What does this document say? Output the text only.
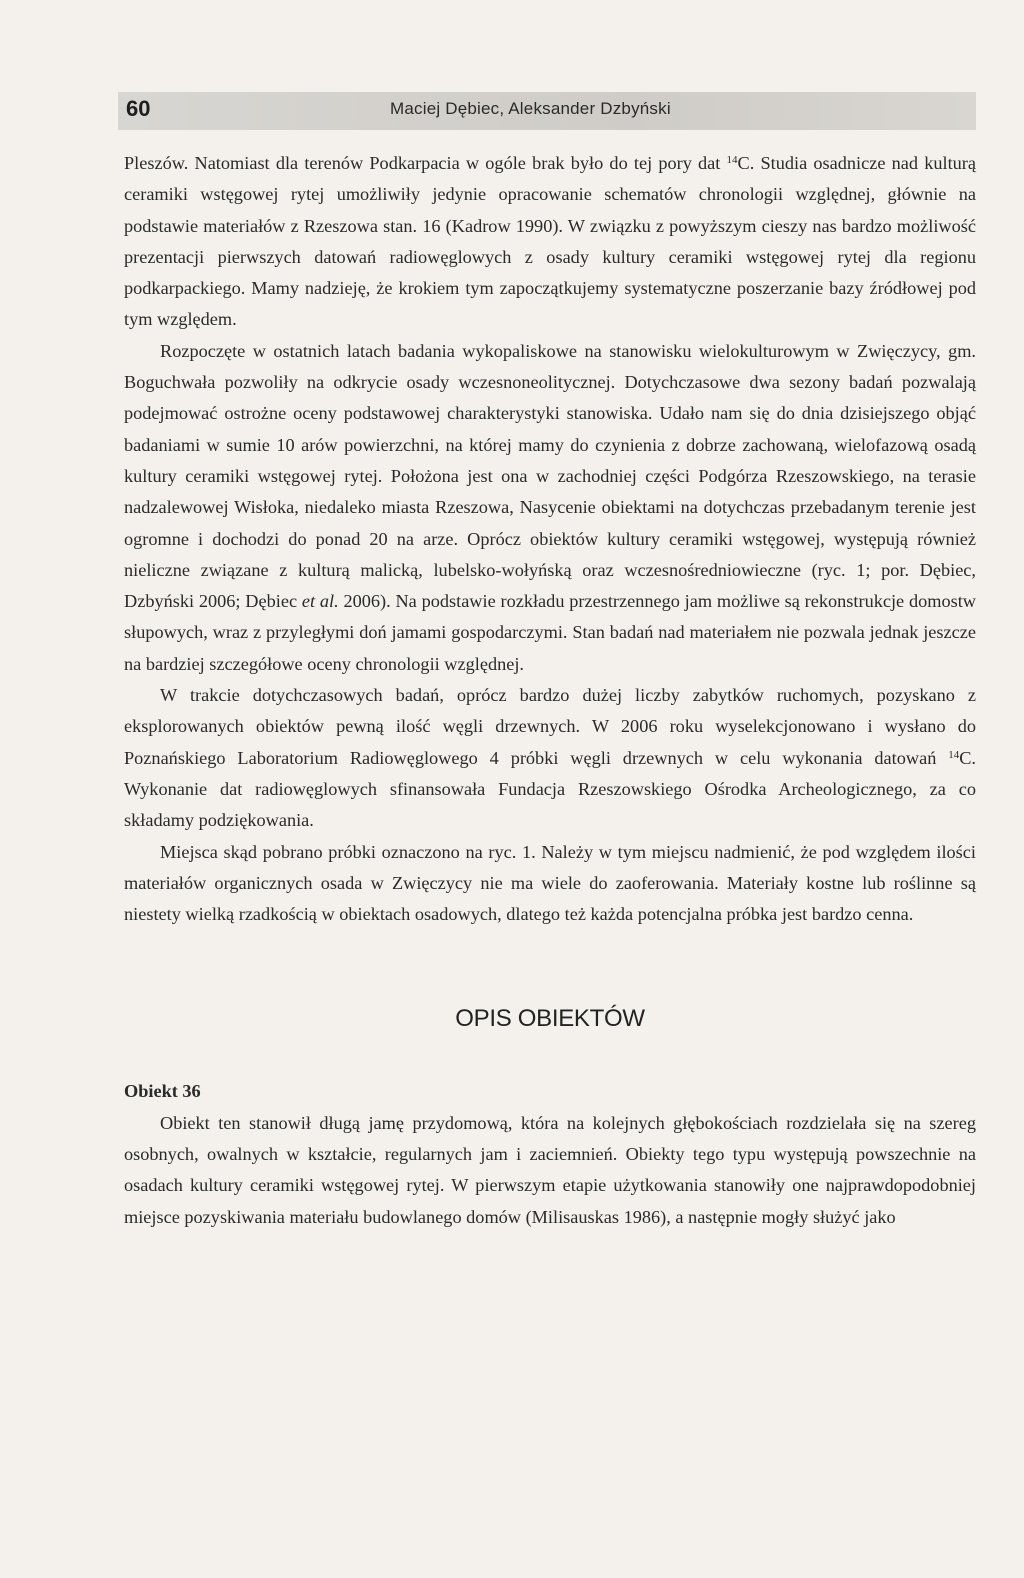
60	Maciej Dębiec, Aleksander Dzbyński

Pleszów. Natomiast dla terenów Podkarpacia w ogóle brak było do tej pory dat $^{14}$C. Studia osadnicze nad kulturą ceramiki wstęgowej rytej umożliwiły jedynie opracowanie schematów chronologii względnej, głównie na podstawie materiałów z Rzeszowa stan. 16 (Kadrow 1990). W związku z powyższym cieszy nas bardzo możliwość prezentacji pierwszych datowań radiowęglowych z osady kultury ceramiki wstęgowej rytej dla regionu podkarpackiego. Mamy nadzieję, że krokiem tym zapoczątkujemy systematyczne poszerzanie bazy źródłowej pod tym względem.

Rozpoczęte w ostatnich latach badania wykopaliskowe na stanowisku wielokulturowym w Zwięczycy, gm. Boguchwała pozwoliły na odkrycie osady wczesnoneolitycznej. Dotychczasowe dwa sezony badań pozwalają podejmować ostrożne oceny podstawowej charakterystyki stanowiska. Udało nam się do dnia dzisiejszego objąć badaniami w sumie 10 arów powierzchni, na której mamy do czynienia z dobrze zachowaną, wielofazową osadą kultury ceramiki wstęgowej rytej. Położona jest ona w zachodniej części Podgórza Rzeszowskiego, na terasie nadzalewowej Wisłoka, niedaleko miasta Rzeszowa, Nasycenie obiektami na dotychczas przebadanym terenie jest ogromne i dochodzi do ponad 20 na arze. Oprócz obiektów kultury ceramiki wstęgowej, występują również nieliczne związane z kulturą malicką, lubelsko-wołyńską oraz wczesnośredniowieczne (ryc. 1; por. Dębiec, Dzbyński 2006; Dębiec et al. 2006). Na podstawie rozkładu przestrzennego jam możliwe są rekonstrukcje domostw słupowych, wraz z przyległymi doń jamami gospodarczymi. Stan badań nad materiałem nie pozwala jednak jeszcze na bardziej szczegółowe oceny chronologii względnej.

W trakcie dotychczasowych badań, oprócz bardzo dużej liczby zabytków ruchomych, pozyskano z eksplorowanych obiektów pewną ilość węgli drzewnych. W 2006 roku wyselekcjonowano i wysłano do Poznańskiego Laboratorium Radiowęglowego 4 próbki węgli drzewnych w celu wykonania datowań $^{14}$C. Wykonanie dat radiowęglowych sfinansowała Fundacja Rzeszowskiego Ośrodka Archeologicznego, za co składamy podziękowania.

Miejsca skąd pobrano próbki oznaczono na ryc. 1. Należy w tym miejscu nadmienić, że pod względem ilości materiałów organicznych osada w Zwięczycy nie ma wiele do zaoferowania. Materiały kostne lub roślinne są niestety wielką rzadkością w obiektach osadowych, dlatego też każda potencjalna próbka jest bardzo cenna.

OPIS OBIEKTÓW

Obiekt 36

Obiekt ten stanowił długą jamę przydomową, która na kolejnych głębokościach rozdzielała się na szereg osobnych, owalnych w kształcie, regularnych jam i zaciemnień. Obiekty tego typu występują powszechnie na osadach kultury ceramiki wstęgowej rytej. W pierwszym etapie użytkowania stanowiły one najprawdopodobniej miejsce pozyskiwania materiału budowlanego domów (Milisauskas 1986), a następnie mogły służyć jako
